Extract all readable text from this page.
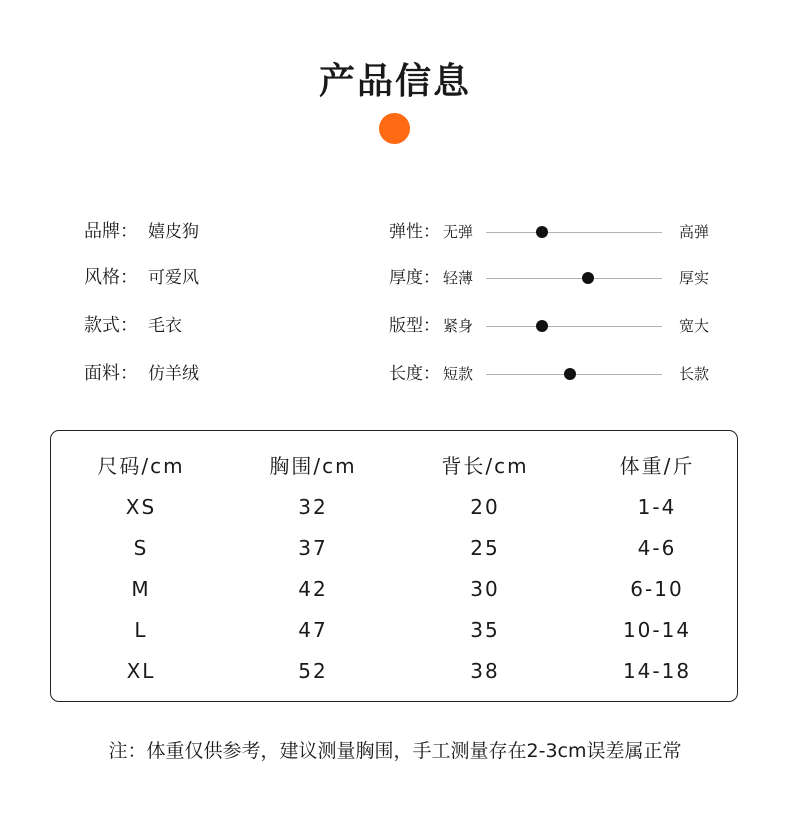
产品信息
品牌： 嬉皮狗	弹性： 无弹	高弹
风格： 可爱风	厚度： 轻薄	厚实
款式： 毛衣	版型： 紧身	宽大
面料： 仿羊绒	长度： 短款	长款
尺码/cm	胸围/cm	背长/cm	体重/斤
XS	32	20	1-4
S	37	25	4-6
M	42	30	6-10
L	47	35	10-14
XL	52	38	14-18
注：体重仅供参考，建议测量胸围，手工测量存在2-3cm误差属正常
